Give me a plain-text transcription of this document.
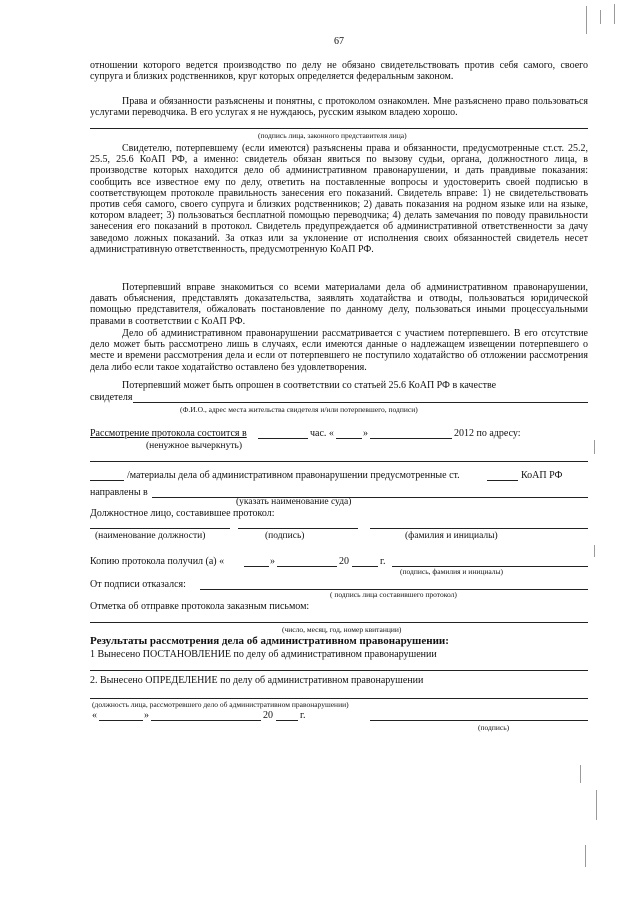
67
отношении которого ведется производство по делу не обязано свидетельствовать против себя самого, своего супруга и близких родственников, круг которых определяется федеральным законом.
Права и обязанности разъяснены и понятны, с протоколом ознакомлен. Мне разъяснено право пользоваться услугами переводчика. В его услугах я не нуждаюсь, русским языком владею хорошо.
(подпись лица, законного представителя лица)
Свидетелю, потерпевшему (если имеются) разъяснены права и обязанности, предусмотренные ст.ст. 25.2, 25.5, 25.6 КоАП РФ, а именно: свидетель обязан явиться по вызову судьи, органа, должностного лица, в производстве которых находится дело об административном правонарушении, и дать правдивые показания: сообщить все известное ему по делу, ответить на поставленные вопросы и удостоверить своей подписью в соответствующем протоколе правильность занесения его показаний. Свидетель вправе: 1) не свидетельствовать против себя самого, своего супруга и близких родственников; 2) давать показания на родном языке или на языке, котором владеет; 3) пользоваться бесплатной помощью переводчика; 4) делать замечания по поводу правильности занесения его показаний в протокол. Свидетель предупреждается об административной ответственности за дачу заведомо ложных показаний. За отказ или за уклонение от исполнения своих обязанностей свидетель несет административную ответственность, предусмотренную КоАП РФ.
Потерпевший вправе знакомиться со всеми материалами дела об административном правонарушении, давать объяснения, представлять доказательства, заявлять ходатайства и отводы, пользоваться юридической помощью представителя, обжаловать постановление по данному делу, пользоваться иными процессуальными правами в соответствии с КоАП РФ.
Дело об административном правонарушении рассматривается с участием потерпевшего. В его отсутствие дело может быть рассмотрено лишь в случаях, если имеются данные о надлежащем извещении потерпевшего о месте и времени рассмотрения дела и если от потерпевшего не поступило ходатайство об отложении рассмотрения дела либо если такое ходатайство оставлено без удовлетворения.
Потерпевший может быть опрошен в соответствии со статьей 25.6 КоАП РФ в качестве
свидетеля
(Ф.И.О., адрес места жительства свидетеля и/или потерпевшего, подписи)
Рассмотрение протокола состоится в	час. «	»	2012 по адресу:
(ненужное вычеркнуть)
/материалы дела об административном правонарушении предусмотренные ст.	КоАП РФ
направлены в
(указать наименование суда)
Должностное лицо, составившее протокол:
(наименование должности)	(подпись)	(фамилия и инициалы)
Копию протокола получил (а) «	»	20	г.
(подпись, фамилия и инициалы)
От подписи отказался:
( подпись лица составившего протокол)
Отметка об отправке протокола заказным письмом:
(число, месяц, год, номер квитанции)
Результаты рассмотрения дела об административном правонарушении:
1 Вынесено ПОСТАНОВЛЕНИЕ по делу об административном правонарушении
2. Вынесено ОПРЕДЕЛЕНИЕ по делу об административном правонарушении
(должность лица, рассмотревшего дело об административном правонарушении)
«	»	20	г.
(подпись)
